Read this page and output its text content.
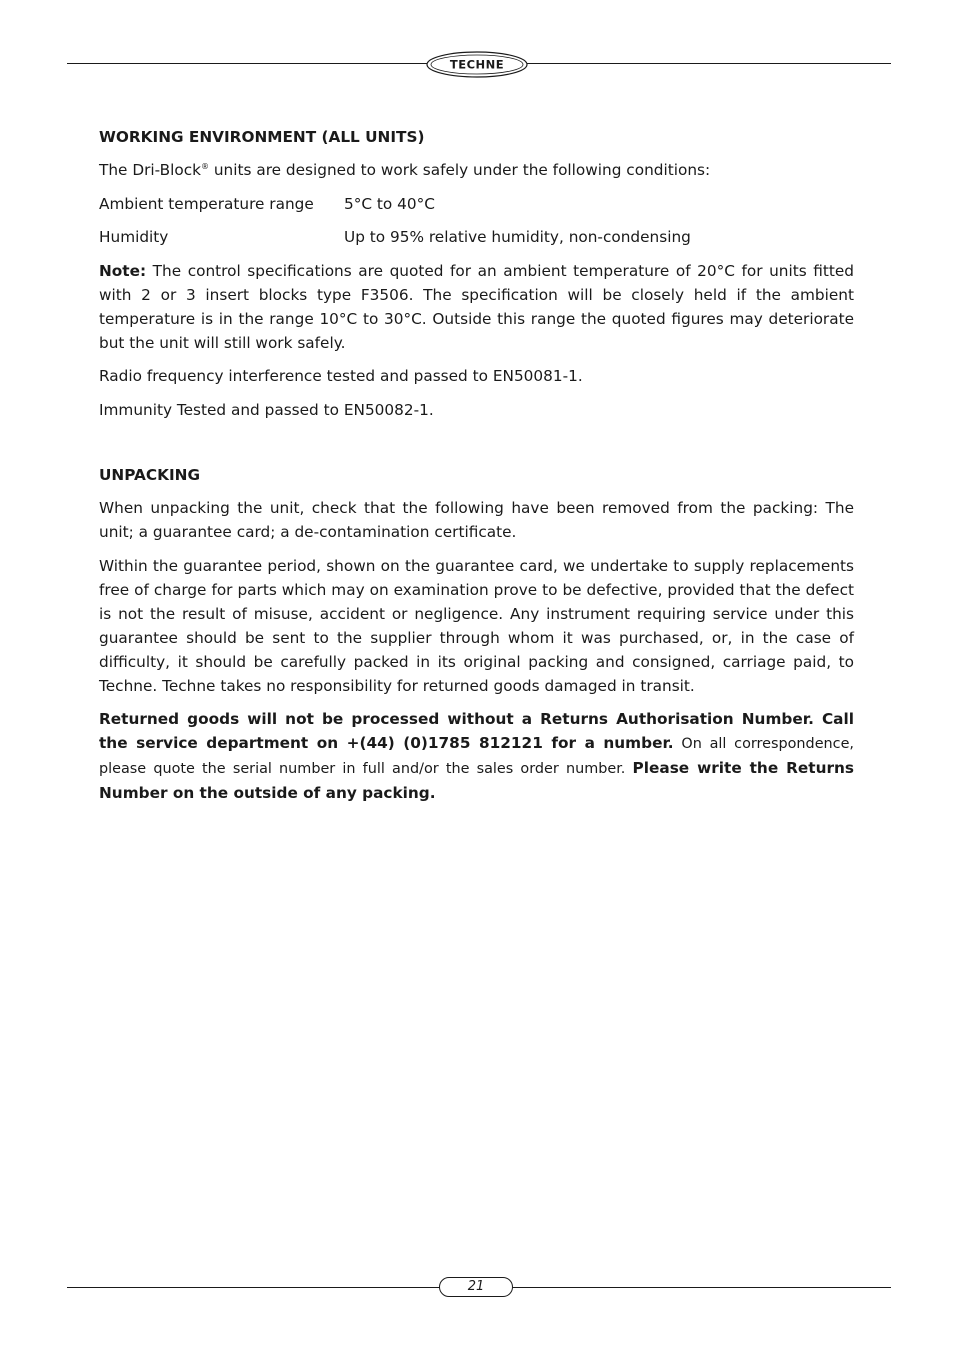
TECHNE
WORKING ENVIRONMENT (ALL UNITS)

The Dri-Block® units are designed to work safely under the following conditions:

Ambient temperature range	5°C to 40°C
Humidity	Up to 95% relative humidity, non-condensing

Note: The control specifications are quoted for an ambient temperature of 20°C for units fitted with 2 or 3 insert blocks type F3506. The specification will be closely held if the ambient temperature is in the range 10°C to 30°C. Outside this range the quoted figures may deteriorate but the unit will still work safely.

Radio frequency interference tested and passed to EN50081-1.

Immunity Tested and passed to EN50082-1.

UNPACKING

When unpacking the unit, check that the following have been removed from the packing: The unit; a guarantee card; a de-contamination certificate.

Within the guarantee period, shown on the guarantee card, we undertake to supply replacements free of charge for parts which may on examination prove to be defective, provided that the defect is not the result of misuse, accident or negligence. Any instrument requiring service under this guarantee should be sent to the supplier through whom it was purchased, or, in the case of difficulty, it should be carefully packed in its original packing and consigned, carriage paid, to Techne. Techne takes no responsibility for returned goods damaged in transit.

Returned goods will not be processed without a Returns Authorisation Number. Call the service department on +(44) (0)1785 812121 for a number. On all correspondence, please quote the serial number in full and/or the sales order number. Please write the Returns Number on the outside of any packing.

21
